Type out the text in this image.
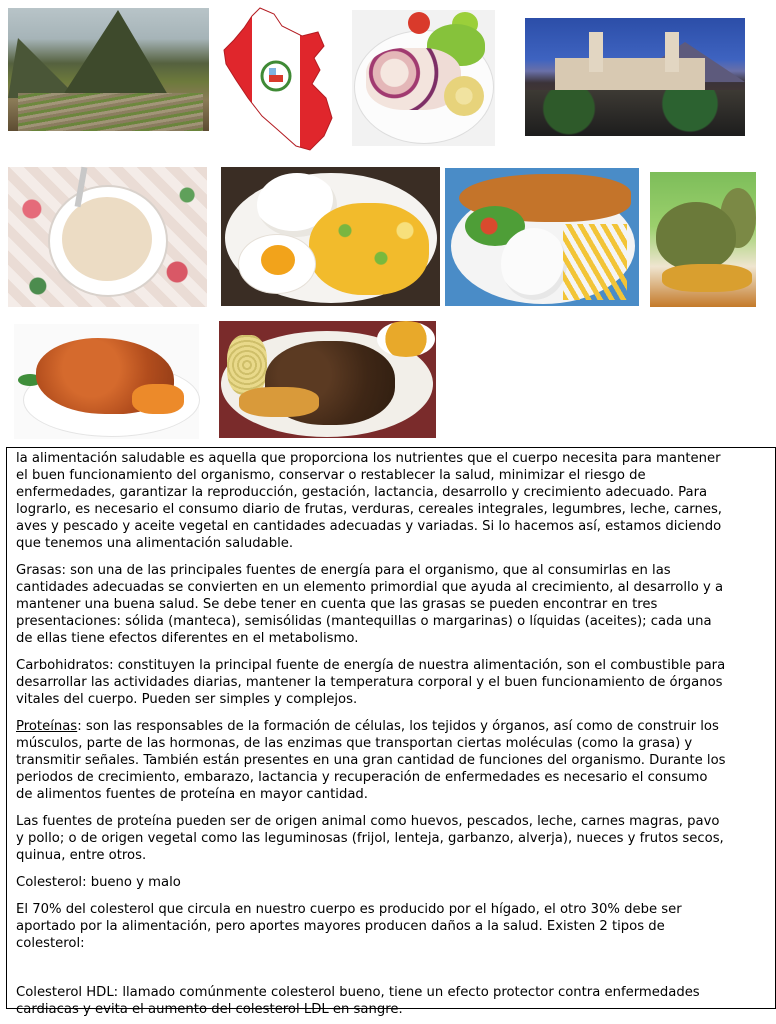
la alimentación saludable es aquella que proporciona los nutrientes que el cuerpo necesita para mantener
el buen funcionamiento del organismo, conservar o restablecer la salud, minimizar el riesgo de
enfermedades, garantizar la reproducción, gestación, lactancia, desarrollo y crecimiento adecuado. Para
lograrlo, es necesario el consumo diario de frutas, verduras, cereales integrales, legumbres, leche, carnes,
aves y pescado y aceite vegetal en cantidades adecuadas y variadas. Si lo hacemos así, estamos diciendo
que tenemos una alimentación saludable.

Grasas: son una de las principales fuentes de energía para el organismo, que al consumirlas en las
cantidades adecuadas se convierten en un elemento primordial que ayuda al crecimiento, al desarrollo y a
mantener una buena salud. Se debe tener en cuenta que las grasas se pueden encontrar en tres
presentaciones: sólida (manteca), semisólidas (mantequillas o margarinas) o líquidas (aceites); cada una
de ellas tiene efectos diferentes en el metabolismo.

Carbohidratos: constituyen la principal fuente de energía de nuestra alimentación, son el combustible para
desarrollar las actividades diarias, mantener la temperatura corporal y el buen funcionamiento de órganos
vitales del cuerpo. Pueden ser simples y complejos.

Proteínas: son las responsables de la formación de células, los tejidos y órganos, así como de construir los
músculos, parte de las hormonas, de las enzimas que transportan ciertas moléculas (como la grasa) y
transmitir señales. También están presentes en una gran cantidad de funciones del organismo. Durante los
periodos de crecimiento, embarazo, lactancia y recuperación de enfermedades es necesario el consumo
de alimentos fuentes de proteína en mayor cantidad.

Las fuentes de proteína pueden ser de origen animal como huevos, pescados, leche, carnes magras, pavo
y pollo; o de origen vegetal como las leguminosas (frijol, lenteja, garbanzo, alverja), nueces y frutos secos,
quinua, entre otros.

Colesterol: bueno y malo

El 70% del colesterol que circula en nuestro cuerpo es producido por el hígado, el otro 30% debe ser
aportado por la alimentación, pero aportes mayores producen daños a la salud. Existen 2 tipos de
colesterol:

Colesterol HDL: llamado comúnmente colesterol bueno, tiene un efecto protector contra enfermedades
cardiacas y evita el aumento del colesterol LDL en sangre.
